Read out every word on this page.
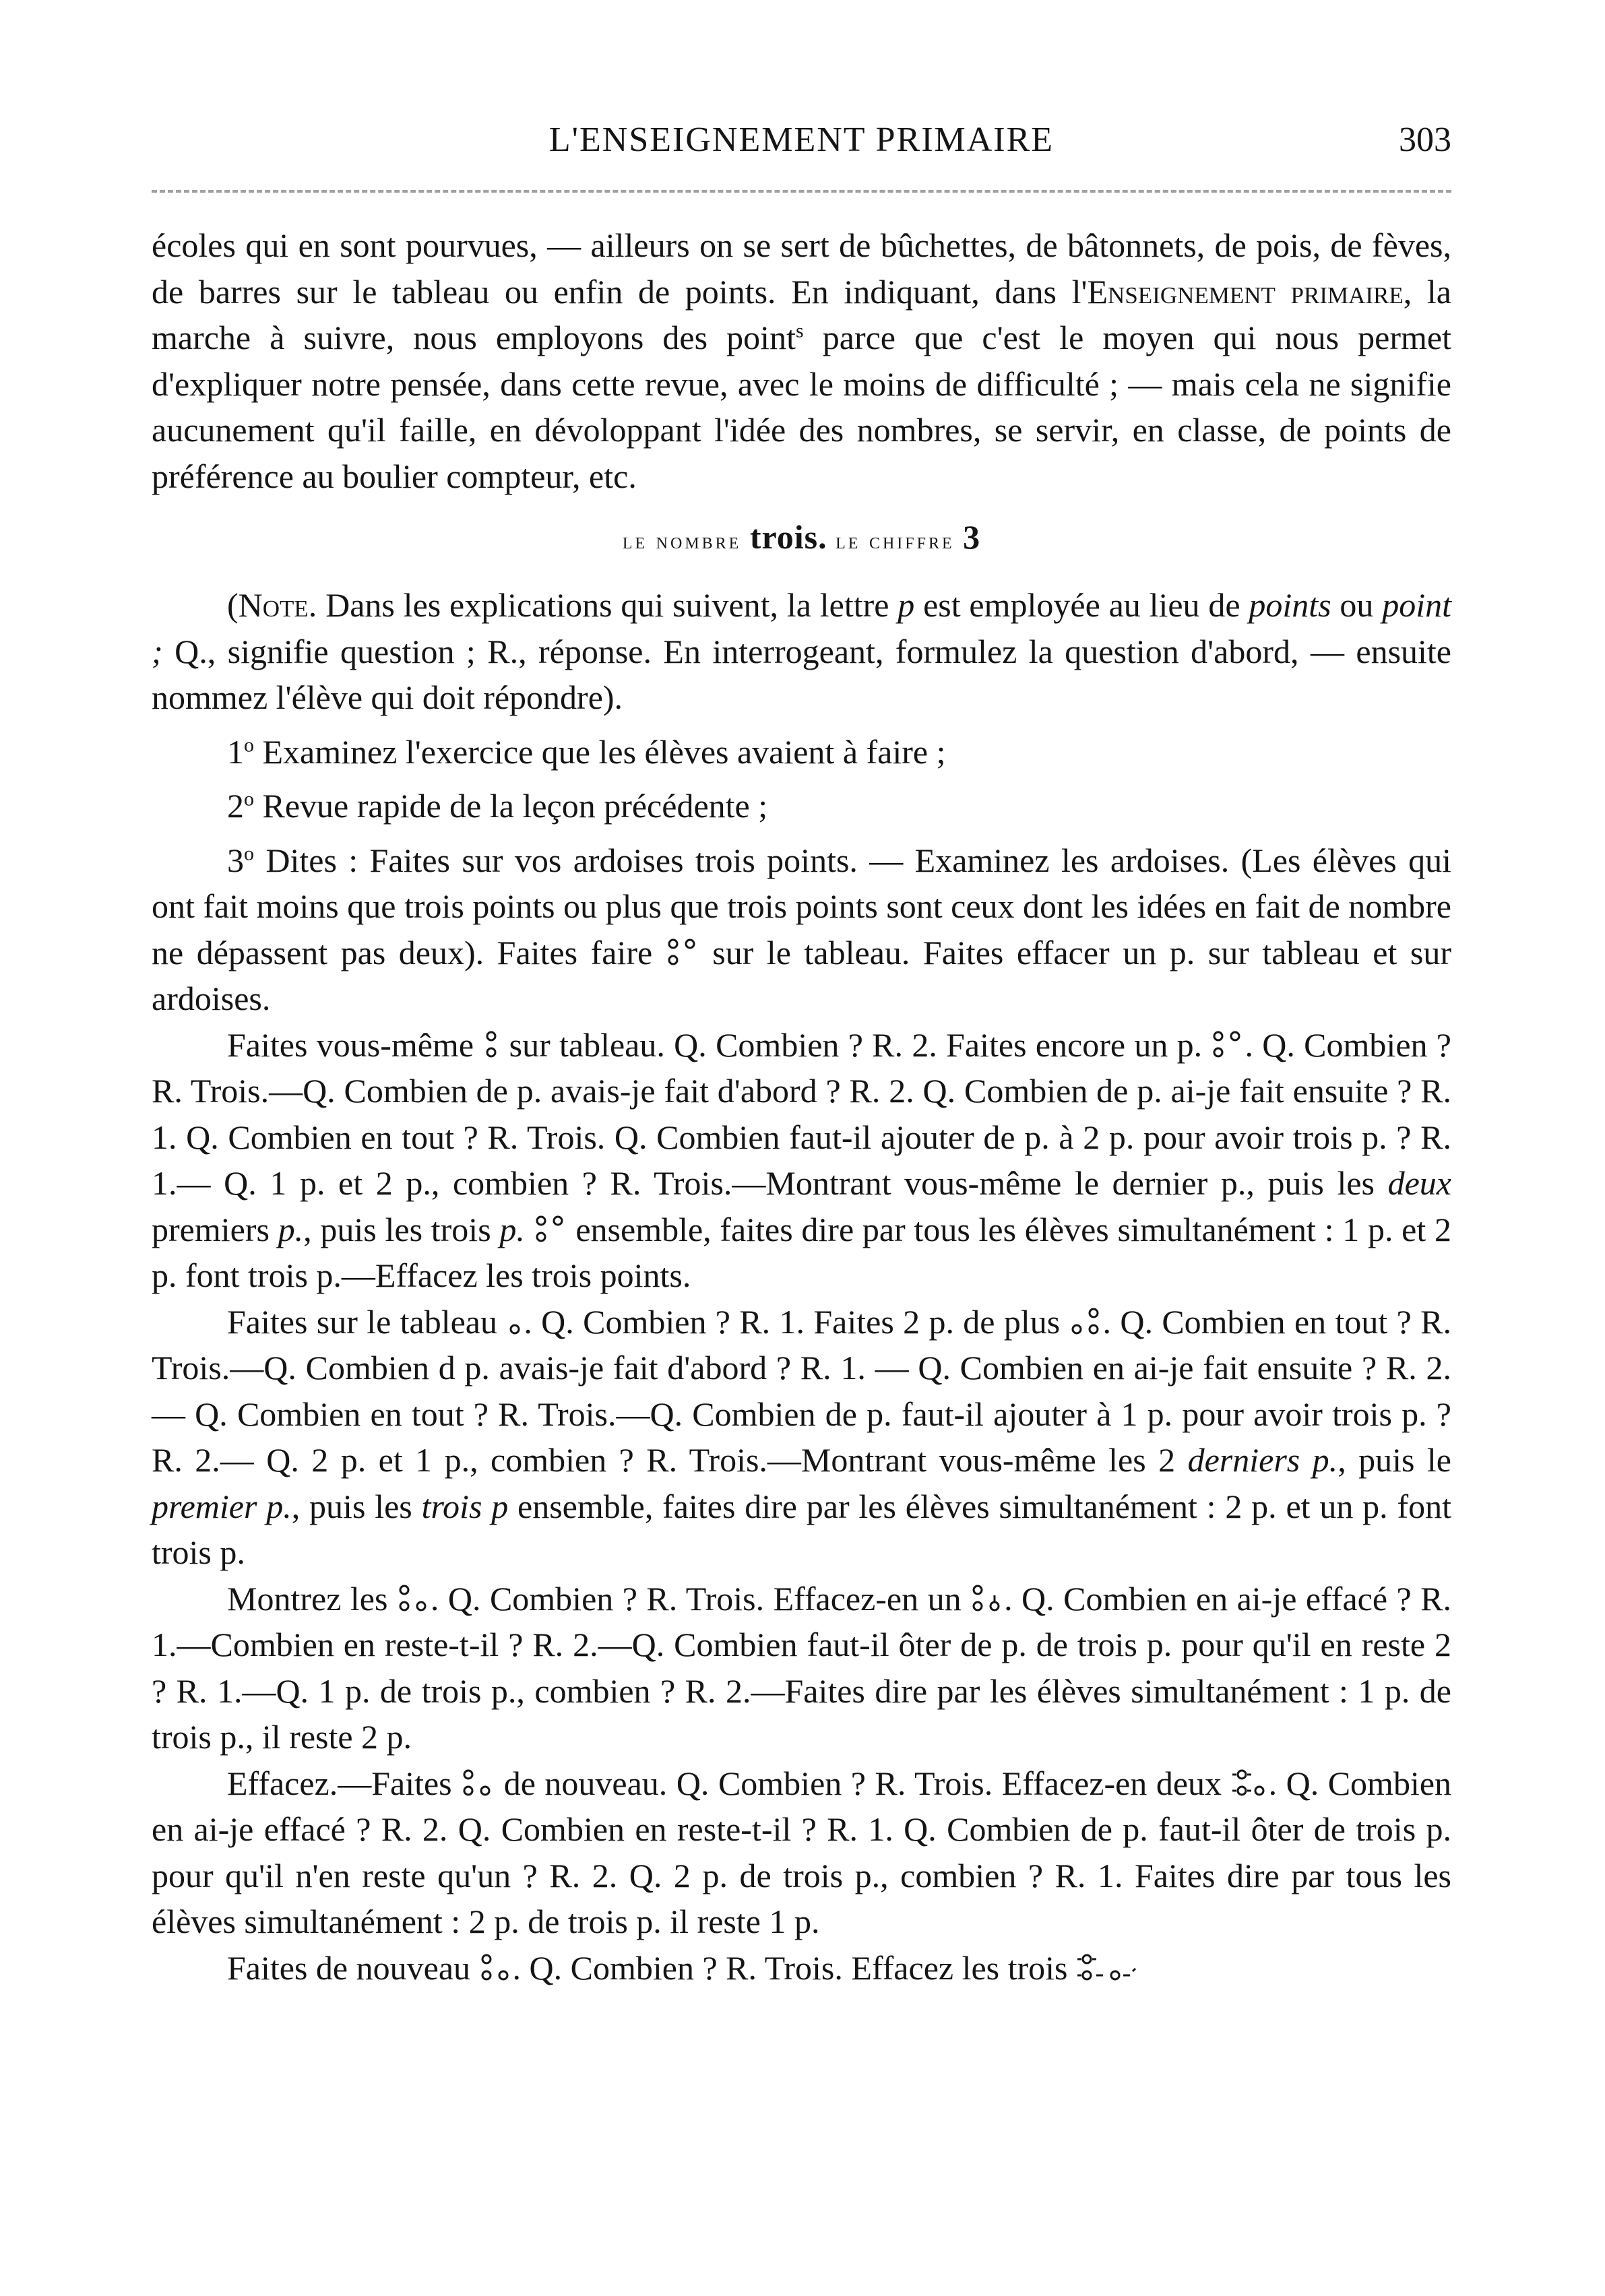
L'ENSEIGNEMENT PRIMAIRE	303

écoles qui en sont pourvues, — ailleurs on se sert de bûchettes, de bâtonnets, de pois, de fèves, de barres sur le tableau ou enfin de points. En indiquant, dans l'Enseignement primaire, la marche à suivre, nous employons des point$^s$ parce que c'est le moyen qui nous permet d'expliquer notre pensée, dans cette revue, avec le moins de difficulté ; — mais cela ne signifie aucunement qu'il faille, en dévoloppant l'idée des nombres, se servir, en classe, de points de préférence au boulier compteur, etc.

le nombre trois. le chiffre 3

(Note. Dans les explications qui suivent, la lettre p est employée au lieu de points ou point ; Q., signifie question ; R., réponse. En interrogeant, formulez la question d'abord, — ensuite nommez l'élève qui doit répondre).

1$^o$ Examinez l'exercice que les élèves avaient à faire ;

2$^o$ Revue rapide de la leçon précédente ;

3$^o$ Dites : Faites sur vos ardoises trois points. — Examinez les ardoises. (Les élèves qui ont fait moins que trois points ou plus que trois points sont ceux dont les idées en fait de nombre ne dépassent pas deux). Faites faire
sur le tableau. Faites effacer un p. sur tableau et sur ardoises.

Faites vous-même
sur tableau. Q. Combien ? R. 2. Faites encore un p. . Q. Combien ? R. Trois.—Q. Combien de p. avais-je fait d'abord ? R. 2. Q. Combien de p. ai-je fait ensuite ? R. 1. Q. Combien en tout ? R. Trois. Q. Combien faut-il ajouter de p. à 2 p. pour avoir trois p. ? R. 1.— Q. 1 p. et 2 p., combien ? R. Trois.—Montrant vous-même le dernier p., puis les deux premiers p., puis les trois p.
ensemble, faites dire par tous les élèves simultanément : 1 p. et 2 p. font trois p.—Effacez les trois points.

Faites sur le tableau . Q. Combien ? R. 1. Faites 2 p. de plus . Q. Combien en tout ? R. Trois.—Q. Combien d p. avais-je fait d'abord ? R. 1. — Q. Combien en ai-je fait ensuite ? R. 2. — Q. Combien en tout ? R. Trois.—Q. Combien de p. faut-il ajouter à 1 p. pour avoir trois p. ? R. 2.— Q. 2 p. et 1 p., combien ? R. Trois.—Montrant vous-même les 2 derniers p., puis le premier p., puis les trois p ensemble, faites dire par les élèves simultanément : 2 p. et un p. font trois p.

Montrez les . Q. Combien ? R. Trois. Effacez-en un . Q. Combien en ai-je effacé ? R. 1.—Combien en reste-t-il ? R. 2.—Q. Combien faut-il ôter de p. de trois p. pour qu'il en reste 2 ? R. 1.—Q. 1 p. de trois p., combien ? R. 2.—Faites dire par les élèves simultanément : 1 p. de trois p., il reste 2 p.

Effacez.—Faites
de nouveau. Q. Combien ? R. Trois. Effacez-en deux . Q. Combien en ai-je effacé ? R. 2. Q. Combien en reste-t-il ? R. 1. Q. Combien de p. faut-il ôter de trois p. pour qu'il n'en reste qu'un ? R. 2. Q. 2 p. de trois p., combien ? R. 1. Faites dire par tous les élèves simultanément : 2 p. de trois p. il reste 1 p.

Faites de nouveau . Q. Combien ? R. Trois. Effacez les trois
